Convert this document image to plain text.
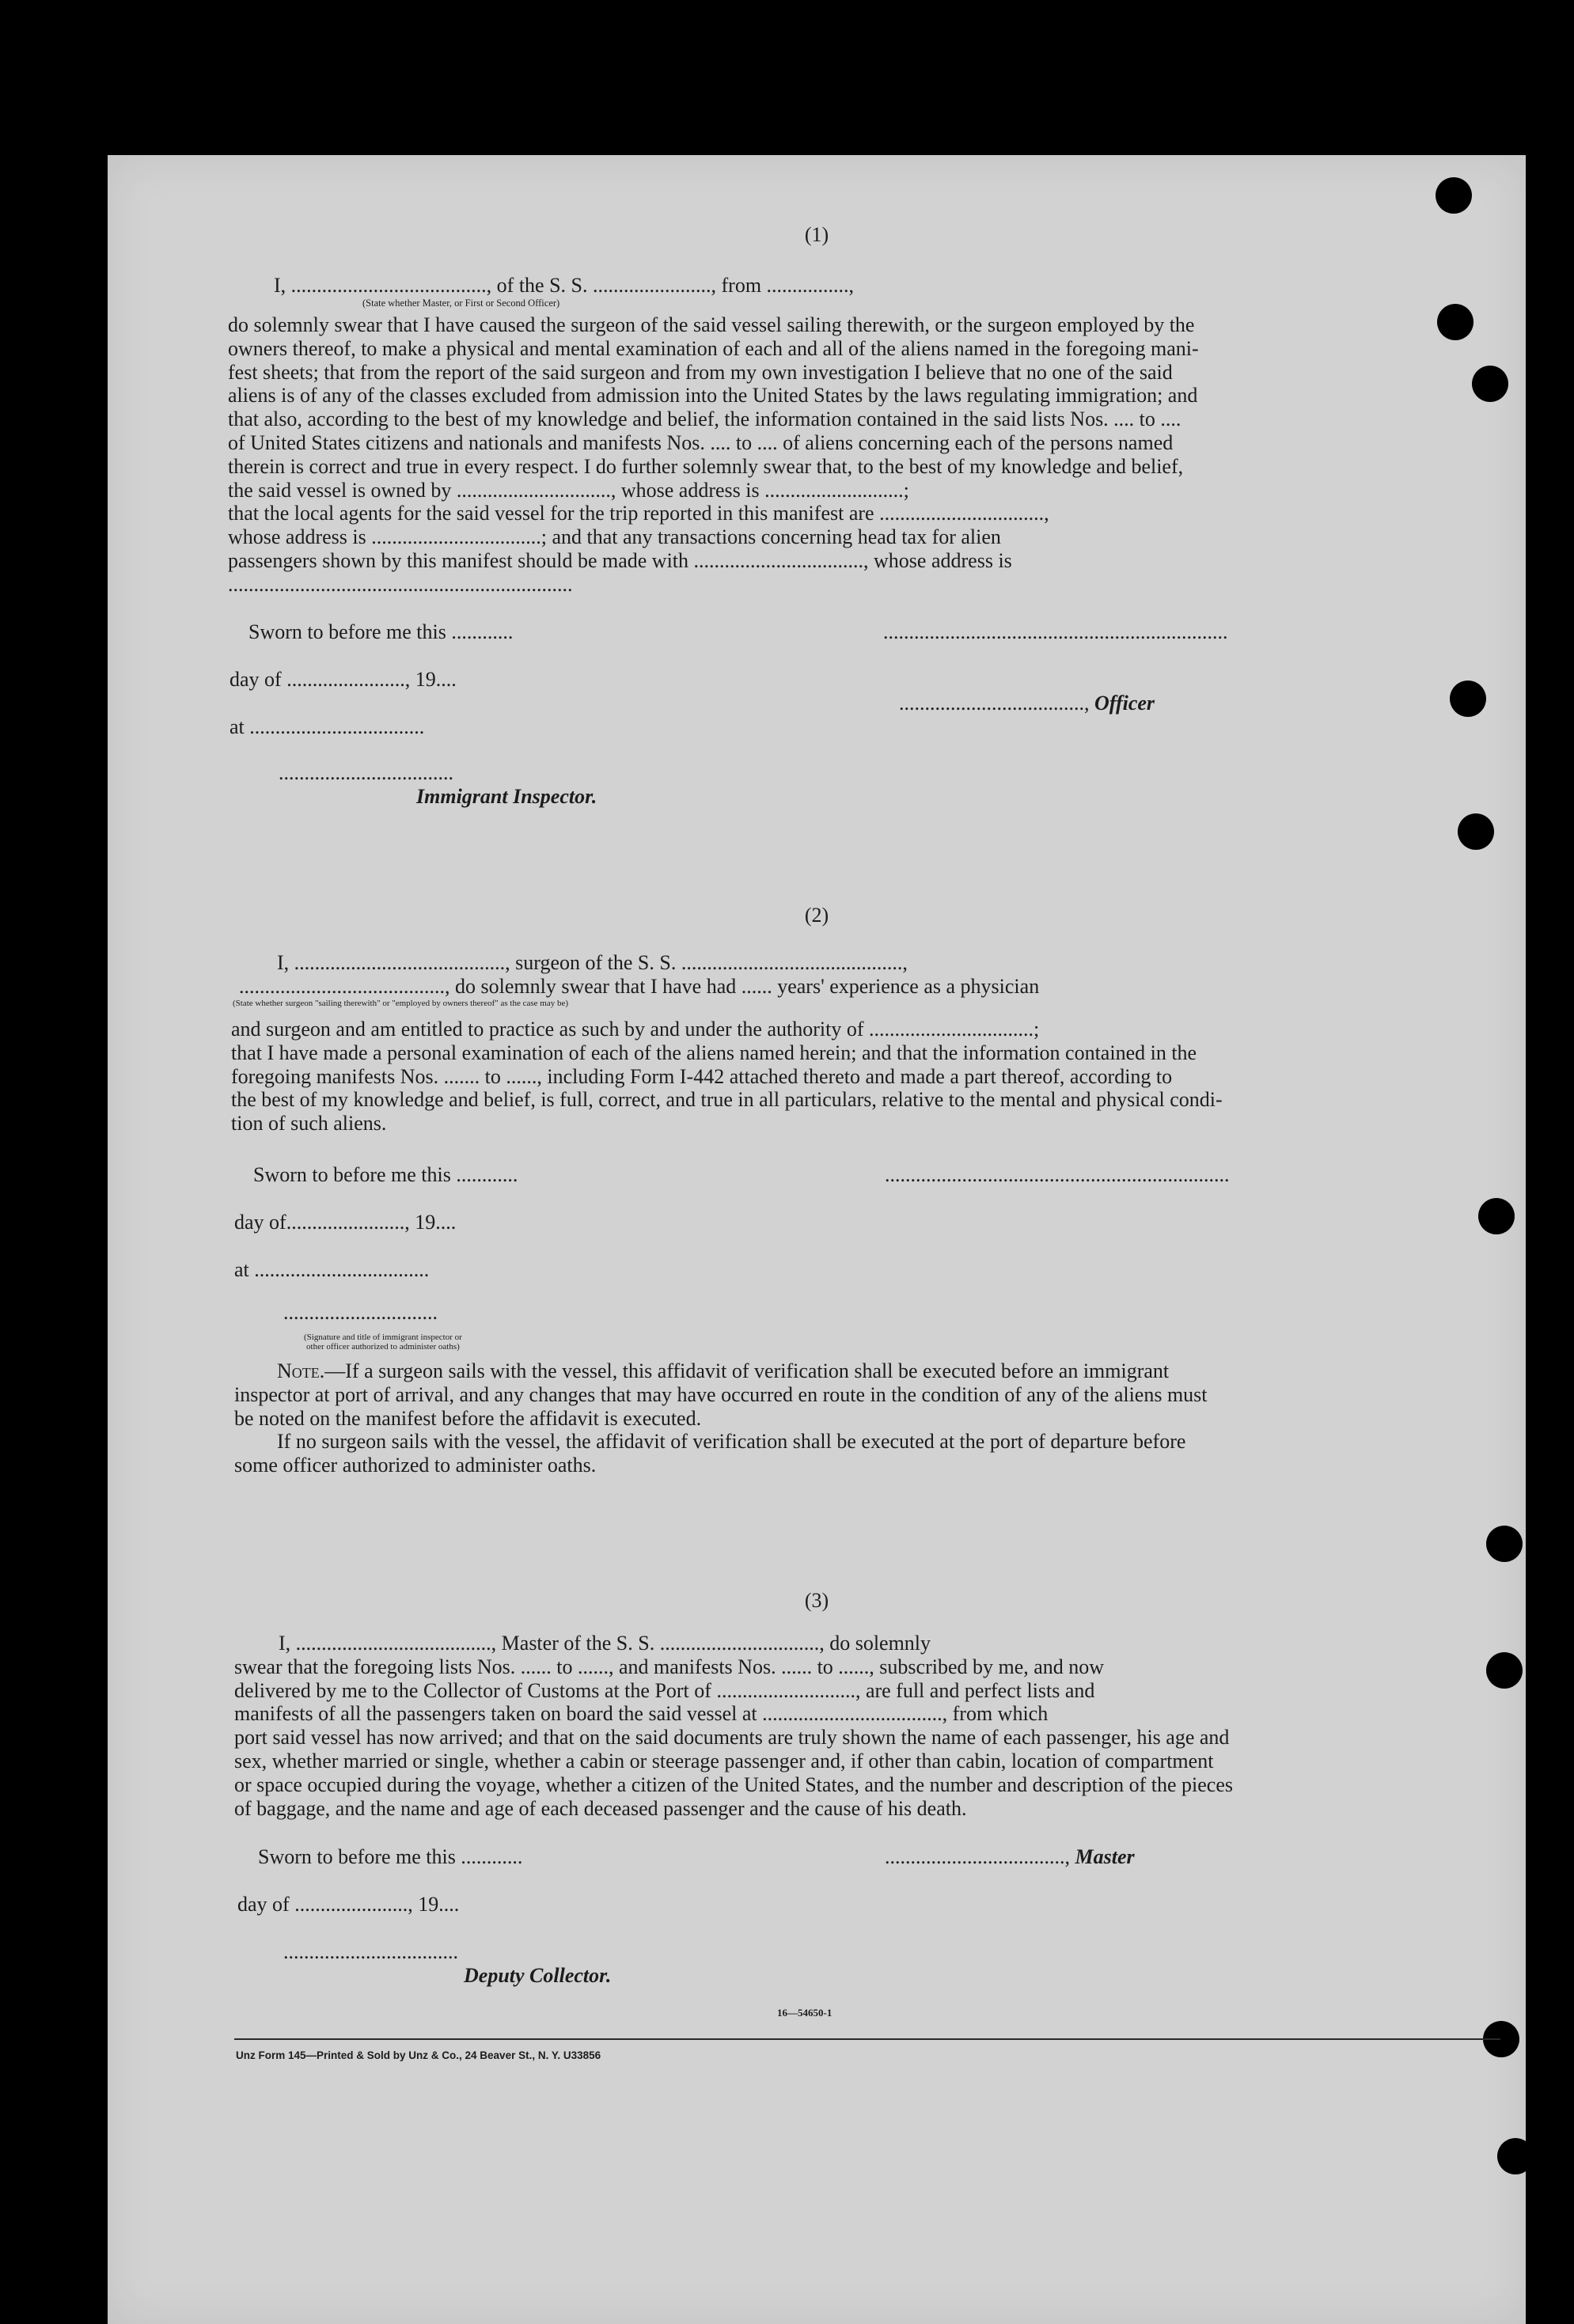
(1)
I, ......................................, of the S. S. ......................., from ................,
(State whether Master, or First or Second Officer)

do solemnly swear that I have caused the surgeon of the said vessel sailing therewith, or the surgeon employed by the

owners thereof, to make a physical and mental examination of each and all of the aliens named in the foregoing mani-

fest sheets; that from the report of the said surgeon and from my own investigation I believe that no one of the said

aliens is of any of the classes excluded from admission into the United States by the laws regulating immigration; and

that also, according to the best of my knowledge and belief, the information contained in the said lists Nos. .... to ....

of United States citizens and nationals and manifests Nos. .... to .... of aliens concerning each of the persons named

therein is correct and true in every respect. I do further solemnly swear that, to the best of my knowledge and belief,

the said vessel is owned by .............................., whose address is ...........................;

that the local agents for the said vessel for the trip reported in this manifest are ................................,

whose address is .................................; and that any transactions concerning head tax for alien

passengers shown by this manifest should be made with ................................., whose address is

...................................................................

Sworn to before me this ............	...................................................................
day of ......................., 19....
...................................., Officer
at ..................................
..................................
Immigrant Inspector.
(2)
I, ........................................., surgeon of the S. S. ...........................................,
........................................, do solemnly swear that I have had ...... years' experience as a physician
(State whether surgeon "sailing therewith" or "employed by owners thereof" as the case may be)

and surgeon and am entitled to practice as such by and under the authority of ................................;

that I have made a personal examination of each of the aliens named herein; and that the information contained in the

foregoing manifests Nos. ....... to ......, including Form I-442 attached thereto and made a part thereof, according to

the best of my knowledge and belief, is full, correct, and true in all particulars, relative to the mental and physical condi-

tion of such aliens.

Sworn to before me this ............	...................................................................
day of......................., 19....
at ..................................
..............................
(Signature and title of immigrant inspector or
other officer authorized to administer oaths)

Note.—If a surgeon sails with the vessel, this affidavit of verification shall be executed before an immigrant

inspector at port of arrival, and any changes that may have occurred en route in the condition of any of the aliens must

be noted on the manifest before the affidavit is executed.

If no surgeon sails with the vessel, the affidavit of verification shall be executed at the port of departure before

some officer authorized to administer oaths.

(3)

I, ......................................, Master of the S. S. ..............................., do solemnly

swear that the foregoing lists Nos. ...... to ......, and manifests Nos. ...... to ......, subscribed by me, and now

delivered by me to the Collector of Customs at the Port of ..........................., are full and perfect lists and

manifests of all the passengers taken on board the said vessel at ..................................., from which

port said vessel has now arrived; and that on the said documents are truly shown the name of each passenger, his age and

sex, whether married or single, whether a cabin or steerage passenger and, if other than cabin, location of compartment

or space occupied during the voyage, whether a citizen of the United States, and the number and description of the pieces

of baggage, and the name and age of each deceased passenger and the cause of his death.

Sworn to before me this ............	..................................., Master
day of ......................, 19....
..................................
Deputy Collector.
16—54650-1
Unz Form 145—Printed & Sold by Unz & Co., 24 Beaver St., N. Y. U33856
